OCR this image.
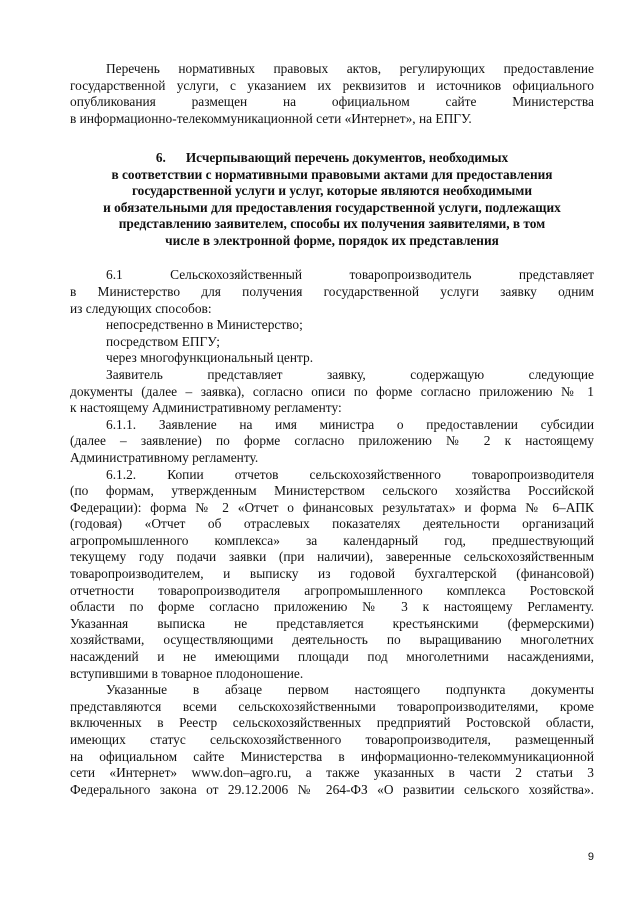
Перечень нормативных правовых актов, регулирующих предоставление

государственной услуги, с указанием их реквизитов и источников официального

опубликования размещен на официальном сайте Министерства

в информационно-телекоммуникационной сети «Интернет», на ЕПГУ.

6. Исчерпывающий перечень документов, необходимых

в соответствии с нормативными правовыми актами для предоставления

государственной услуги и услуг, которые являются необходимыми

и обязательными для предоставления государственной услуги, подлежащих

представлению заявителем, способы их получения заявителями, в том

числе в электронной форме, порядок их представления

6.1 Сельскохозяйственный товаропроизводитель представляет

в Министерство для получения государственной услуги заявку одним

из следующих способов:

непосредственно в Министерство;

посредством ЕПГУ;

через многофункциональный центр.

Заявитель представляет заявку, содержащую следующие

документы (далее – заявка), согласно описи по форме согласно приложению № 1

к настоящему Административному регламенту:

6.1.1. Заявление на имя министра о предоставлении субсидии

(далее – заявление) по форме согласно приложению № 2 к настоящему

Административному регламенту.

6.1.2. Копии отчетов сельскохозяйственного товаропроизводителя

(по формам, утвержденным Министерством сельского хозяйства Российской

Федерации): форма № 2 «Отчет о финансовых результатах» и форма № 6–АПК

(годовая) «Отчет об отраслевых показателях деятельности организаций

агропромышленного комплекса» за календарный год, предшествующий

текущему году подачи заявки (при наличии), заверенные сельскохозяйственным

товаропроизводителем, и выписку из годовой бухгалтерской (финансовой)

отчетности товаропроизводителя агропромышленного комплекса Ростовской

области по форме согласно приложению № 3 к настоящему Регламенту.

Указанная выписка не представляется крестьянскими (фермерскими)

хозяйствами, осуществляющими деятельность по выращиванию многолетних

насаждений и не имеющими площади под многолетними насаждениями,

вступившими в товарное плодоношение.

Указанные в абзаце первом настоящего подпункта документы

представляются всеми сельскохозяйственными товаропроизводителями, кроме

включенных в Реестр сельскохозяйственных предприятий Ростовской области,

имеющих статус сельскохозяйственного товаропроизводителя, размещенный

на официальном сайте Министерства в информационно-телекоммуникационной

сети «Интернет» www.don–agro.ru, а также указанных в части 2 статьи 3

Федерального закона от 29.12.2006 № 264-ФЗ «О развитии сельского хозяйства».

9
